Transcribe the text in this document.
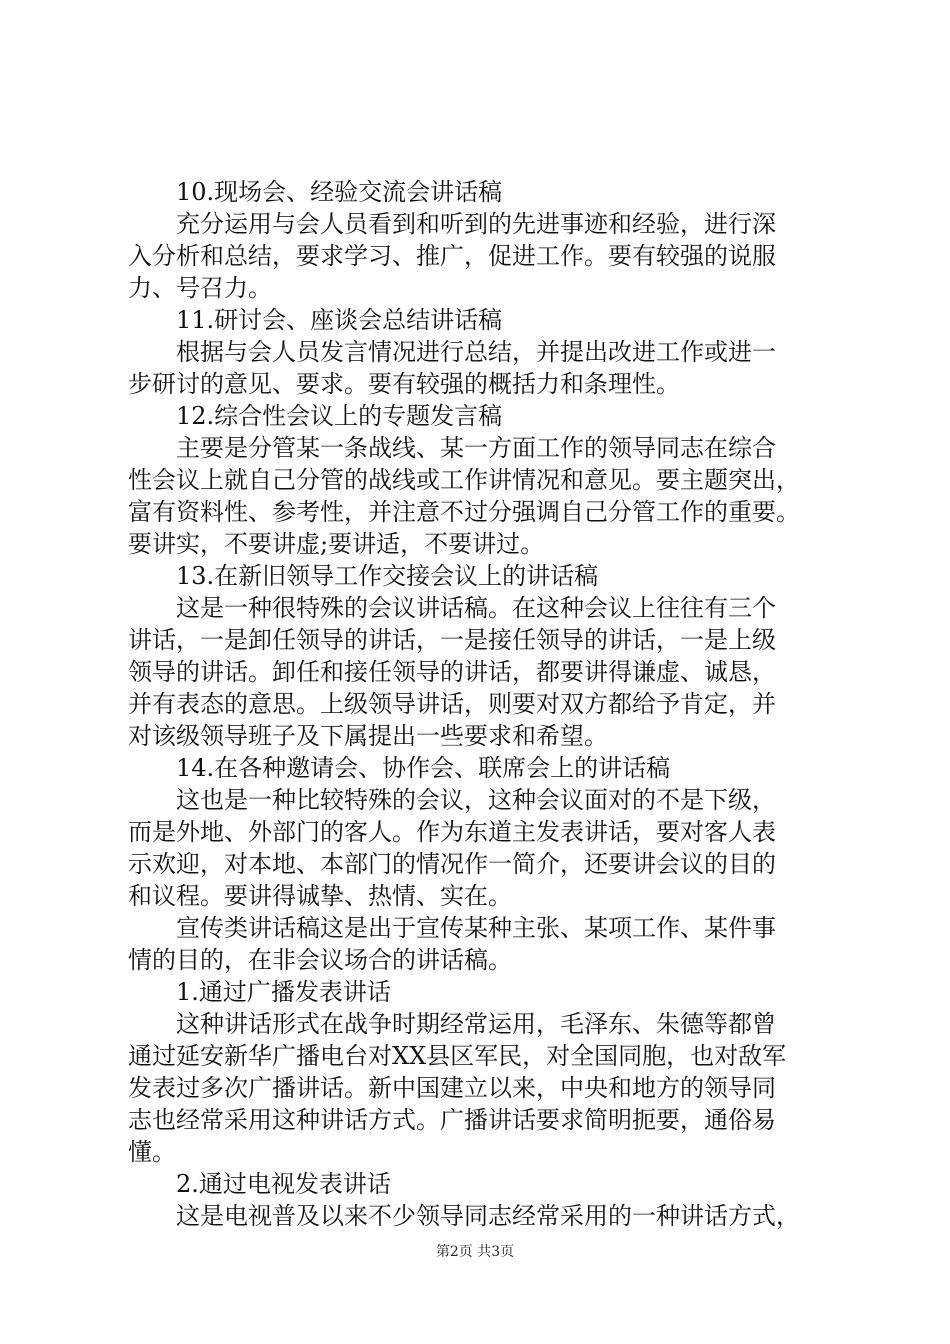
10.现场会、经验交流会讲话稿
充分运用与会人员看到和听到的先进事迹和经验，进行深
入分析和总结，要求学习、推广，促进工作。要有较强的说服
力、号召力。
11.研讨会、座谈会总结讲话稿
根据与会人员发言情况进行总结，并提出改进工作或进一
步研讨的意见、要求。要有较强的概括力和条理性。
12.综合性会议上的专题发言稿
主要是分管某一条战线、某一方面工作的领导同志在综合
性会议上就自己分管的战线或工作讲情况和意见。要主题突出，
富有资料性、参考性，并注意不过分强调自己分管工作的重要。
要讲实，不要讲虚;要讲适，不要讲过。
13.在新旧领导工作交接会议上的讲话稿
这是一种很特殊的会议讲话稿。在这种会议上往往有三个
讲话，一是卸任领导的讲话，一是接任领导的讲话，一是上级
领导的讲话。卸任和接任领导的讲话，都要讲得谦虚、诚恳，
并有表态的意思。上级领导讲话，则要对双方都给予肯定，并
对该级领导班子及下属提出一些要求和希望。
14.在各种邀请会、协作会、联席会上的讲话稿
这也是一种比较特殊的会议，这种会议面对的不是下级，
而是外地、外部门的客人。作为东道主发表讲话，要对客人表
示欢迎，对本地、本部门的情况作一简介，还要讲会议的目的
和议程。要讲得诚挚、热情、实在。
宣传类讲话稿这是出于宣传某种主张、某项工作、某件事
情的目的，在非会议场合的讲话稿。
1.通过广播发表讲话
这种讲话形式在战争时期经常运用，毛泽东、朱德等都曾
通过延安新华广播电台对XX县区军民，对全国同胞，也对敌军
发表过多次广播讲话。新中国建立以来，中央和地方的领导同
志也经常采用这种讲话方式。广播讲话要求简明扼要，通俗易
懂。
2.通过电视发表讲话
这是电视普及以来不少领导同志经常采用的一种讲话方式，
第2页 共3页
